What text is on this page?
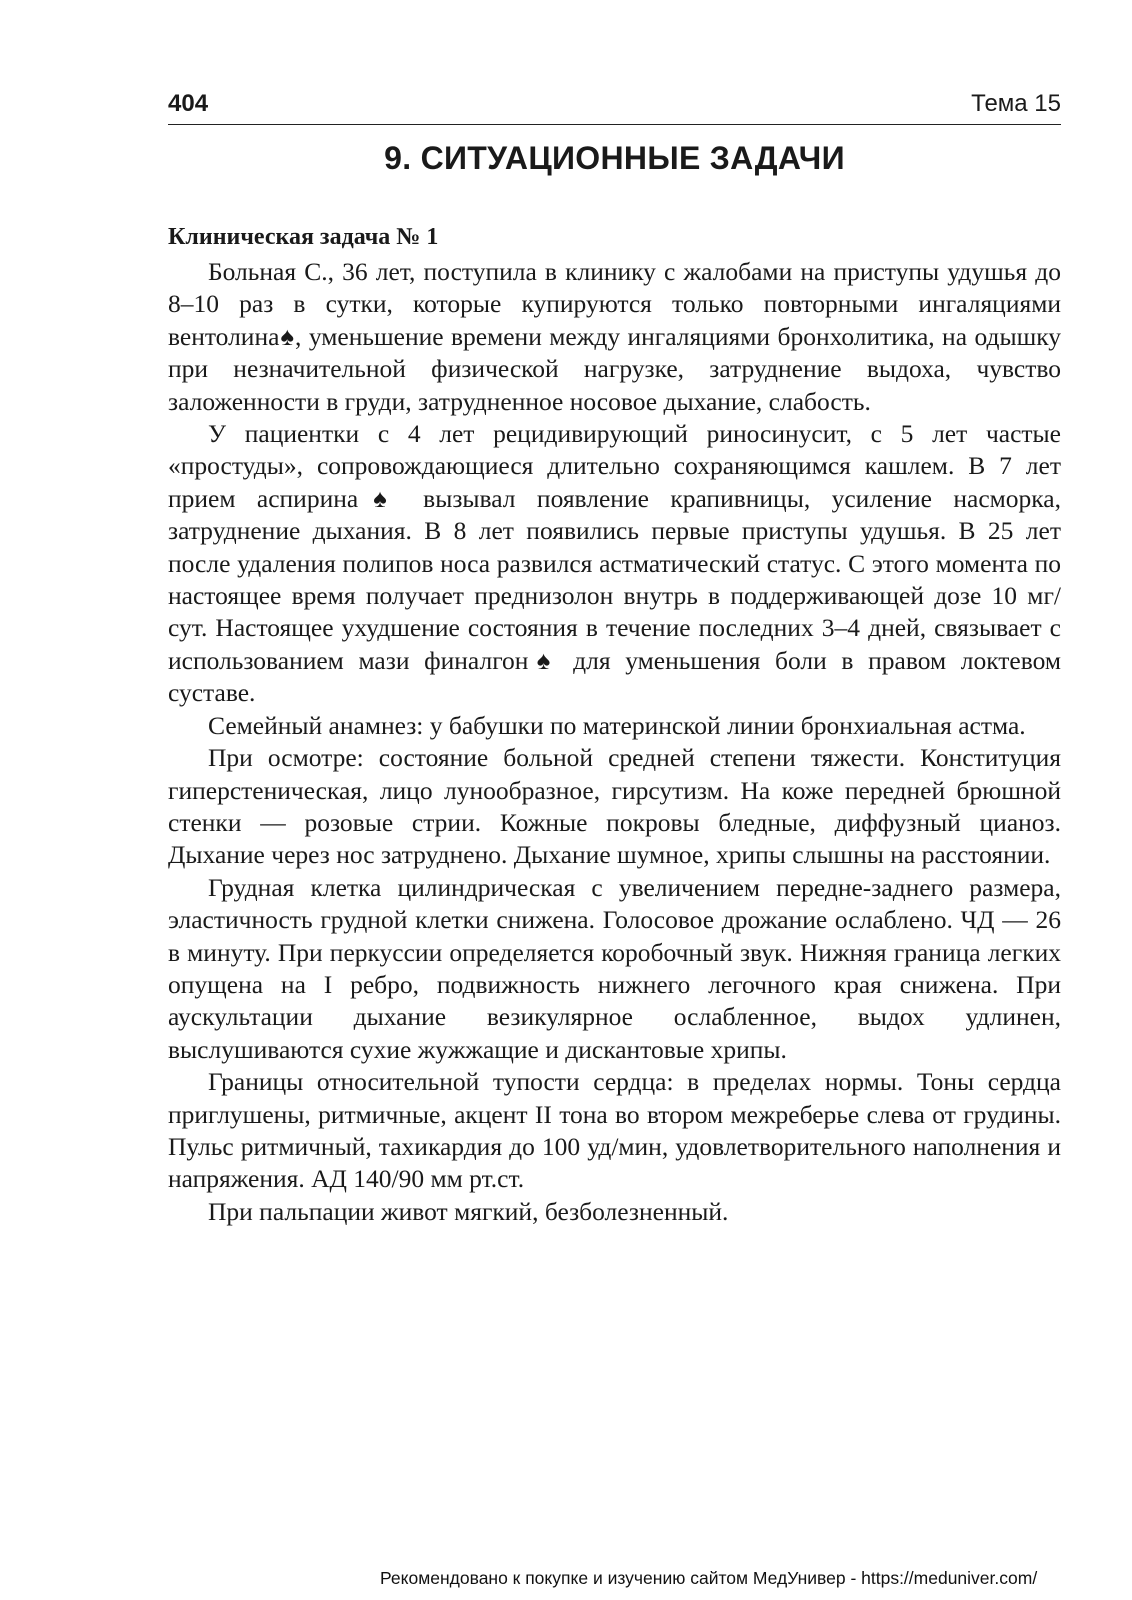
404	Тема 15
9. СИТУАЦИОННЫЕ ЗАДАЧИ
Клиническая задача № 1

Больная С., 36 лет, поступила в клинику с жалобами на приступы удушья до 8–10 раз в сутки, которые купируются только повторными ингаляциями вентолина♠, уменьшение времени между ингаляциями бронхолитика, на одышку при незначительной физической нагрузке, затруднение выдоха, чувство заложенности в груди, затрудненное носовое дыхание, слабость.

У пациентки с 4 лет рецидивирующий риносинусит, с 5 лет частые «простуды», сопровождающиеся длительно сохраняющимся кашлем. В 7 лет прием аспирина♠ вызывал появление крапивницы, усиление насморка, затруднение дыхания. В 8 лет появились первые приступы удушья. В 25 лет после удаления полипов носа развился астматический статус. С этого момента по настоящее время получает преднизолон внутрь в поддерживающей дозе 10 мг/сут. Настоящее ухудшение состояния в течение последних 3–4 дней, связывает с использованием мази финалгон♠ для уменьшения боли в правом локтевом суставе.

Семейный анамнез: у бабушки по материнской линии бронхиальная астма.

При осмотре: состояние больной средней степени тяжести. Конституция гиперстеническая, лицо лунообразное, гирсутизм. На коже передней брюшной стенки — розовые стрии. Кожные покровы бледные, диффузный цианоз. Дыхание через нос затруднено. Дыхание шумное, хрипы слышны на расстоянии.

Грудная клетка цилиндрическая с увеличением передне-заднего размера, эластичность грудной клетки снижена. Голосовое дрожание ослаблено. ЧД — 26 в минуту. При перкуссии определяется коробочный звук. Нижняя граница легких опущена на I ребро, подвижность нижнего легочного края снижена. При аускультации дыхание везикулярное ослабленное, выдох удлинен, выслушиваются сухие жужжащие и дискантовые хрипы.

Границы относительной тупости сердца: в пределах нормы. Тоны сердца приглушены, ритмичные, акцент II тона во втором межреберье слева от грудины. Пульс ритмичный, тахикардия до 100 уд/мин, удовлетворительного наполнения и напряжения. АД 140/90 мм рт.ст.

При пальпации живот мягкий, безболезненный.

Рекомендовано к покупке и изучению сайтом МедУнивер - https://meduniver.com/
